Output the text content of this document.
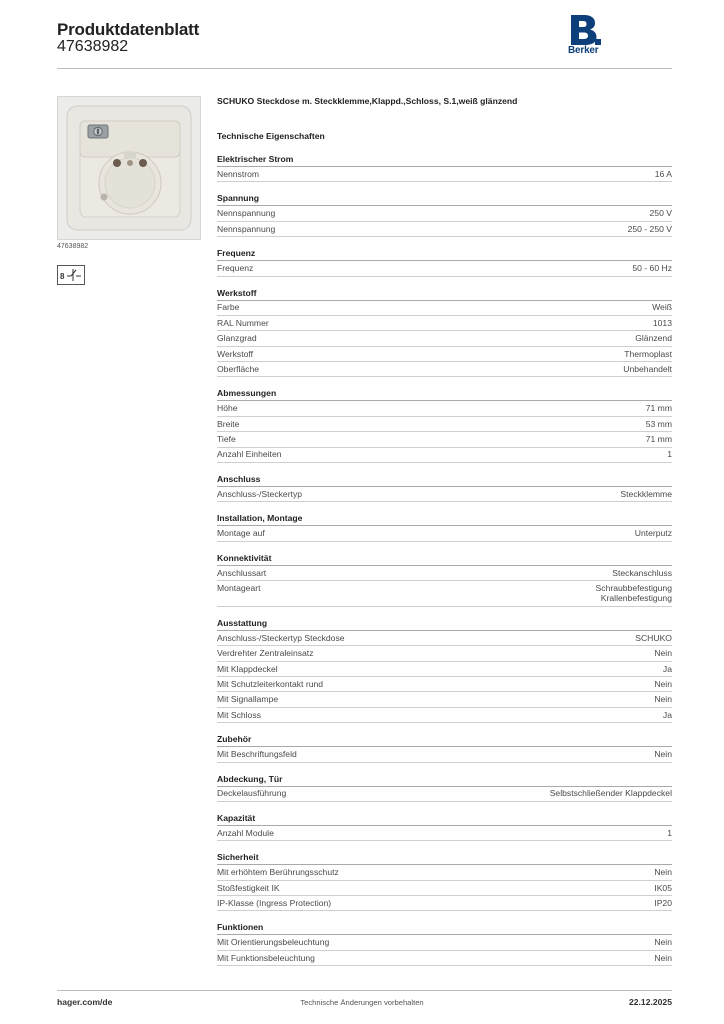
Produktdatenblatt
47638982	Berker
47638982
8
SCHUKO Steckdose m. Steckklemme,Klappd.,Schloss, S.1,weiß glänzend
Technische Eigenschaften
Elektrischer Strom
Nennstrom	16 A
Spannung
Nennspannung	250 V
Nennspannung	250 - 250 V
Frequenz
Frequenz	50 - 60 Hz
Werkstoff
Farbe	Weiß
RAL Nummer	1013
Glanzgrad	Glänzend
Werkstoff	Thermoplast
Oberfläche	Unbehandelt
Abmessungen
Höhe	71 mm
Breite	53 mm
Tiefe	71 mm
Anzahl Einheiten	1
Anschluss
Anschluss-/Steckertyp	Steckklemme
Installation, Montage
Montage auf	Unterputz
Konnektivität
Anschlussart	Steckanschluss
Montageart	Schraubbefestigung
Krallenbefestigung
Ausstattung
Anschluss-/Steckertyp Steckdose	SCHUKO
Verdrehter Zentraleinsatz	Nein
Mit Klappdeckel	Ja
Mit Schutzleiterkontakt rund	Nein
Mit Signallampe	Nein
Mit Schloss	Ja
Zubehör
Mit Beschriftungsfeld	Nein
Abdeckung, Tür
Deckelausführung	Selbstschließender Klappdeckel
Kapazität
Anzahl Module	1
Sicherheit
Mit erhöhtem Berührungsschutz	Nein
Stoßfestigkeit IK	IK05
IP-Klasse (Ingress Protection)	IP20
Funktionen
Mit Orientierungsbeleuchtung	Nein
Mit Funktionsbeleuchtung	Nein
hager.com/de	Technische Änderungen vorbehalten	22.12.2025
